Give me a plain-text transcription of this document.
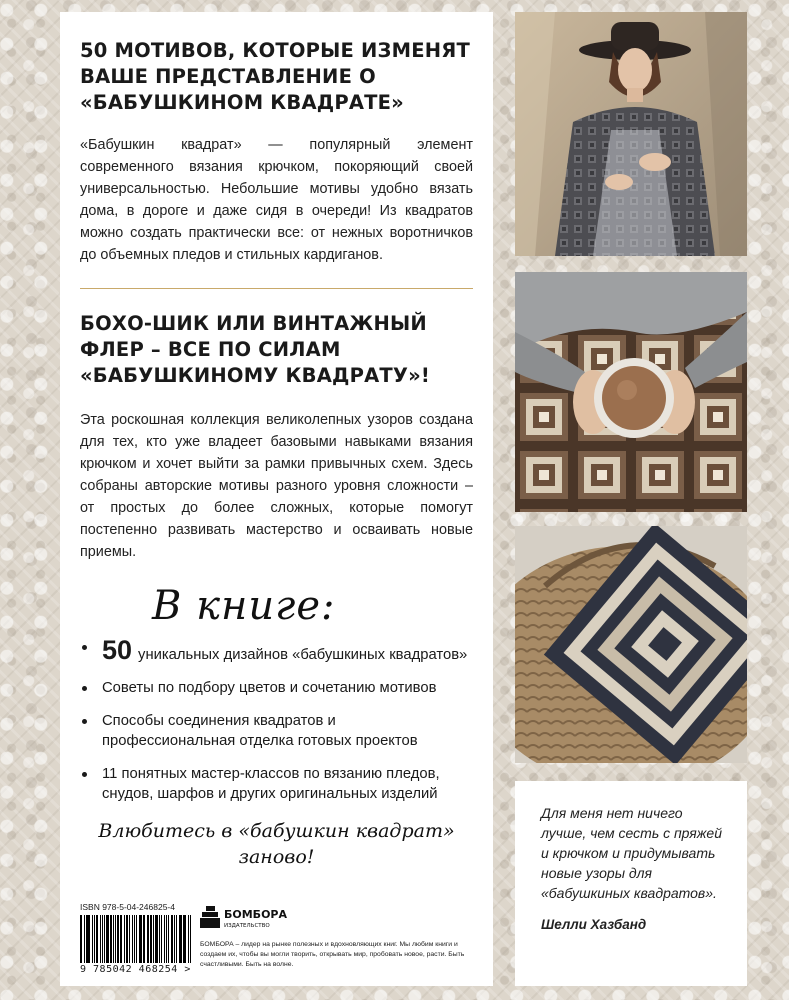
50 МОТИВОВ, КОТОРЫЕ ИЗМЕНЯТ ВАШЕ ПРЕДСТАВЛЕНИЕ О «БАБУШКИНОМ КВАДРАТЕ»

«Бабушкин квадрат» — популярный элемент современного вязания крючком, покоряющий своей универсальностью. Небольшие мотивы удобно вязать дома, в дороге и даже сидя в очереди! Из квадратов можно создать практически все: от нежных воротничков до объемных пледов и стильных кардиганов.

БОХО-ШИК ИЛИ ВИНТАЖНЫЙ ФЛЕР – ВСЕ ПО СИЛАМ «БАБУШКИНОМУ КВАДРАТУ»!

Эта роскошная коллекция великолепных узоров создана для тех, кто уже владеет базовыми навыками вязания крючком и хочет выйти за рамки привычных схем. Здесь собраны авторские мотивы разного уровня сложности – от простых до более сложных, которые помогут постепенно развивать мастерство и осваивать новые приемы.

В книге:
50 уникальных дизайнов «бабушкиных квадратов»
Советы по подбору цветов и сочетанию мотивов
Способы соединения квадратов и профессиональная отделка готовых проектов
11 понятных мастер-классов по вязанию пледов, снудов, шарфов и других оригинальных изделий
Влюбитесь в «бабушкин квадрат» заново!
ISBN 978-5-04-246825-4
9 785042 468254 >
БОМБОРА
ИЗДАТЕЛЬСТВО
БОМБОРА – лидер на рынке полезных и вдохновляющих книг. Мы любим книги и создаем их, чтобы вы могли творить, открывать мир, пробовать новое, расти. Быть счастливыми. Быть на волне.

Для меня нет ничего лучше, чем сесть с пряжей и крючком и придумывать новые узоры для «бабушкиных квадратов».

Шелли Хазбанд
